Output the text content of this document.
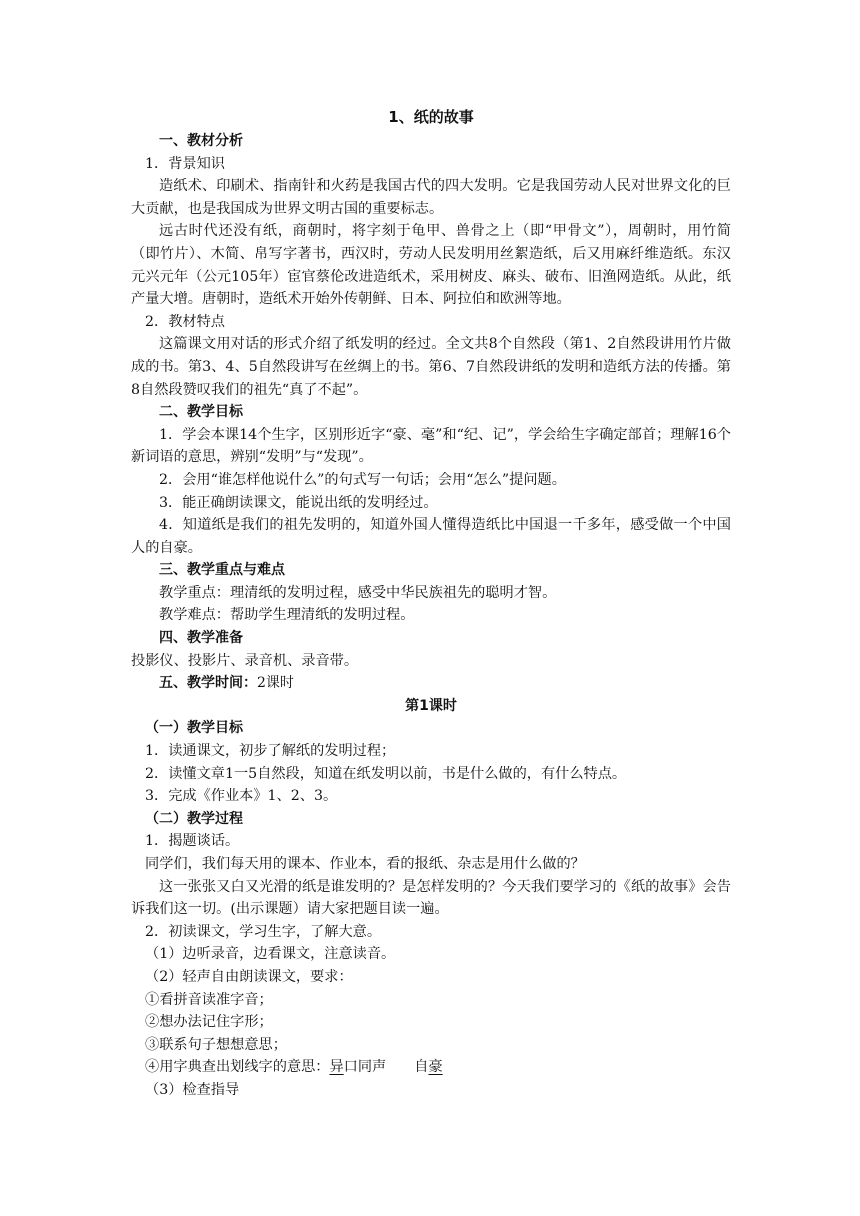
1、纸的故事

一、教材分析

1．背景知识

造纸术、印刷术、指南针和火药是我国古代的四大发明。它是我国劳动人民对世界文化的巨大贡献，也是我国成为世界文明古国的重要标志。

远古时代还没有纸，商朝时，将字刻于龟甲、兽骨之上（即“甲骨文”），周朝时，用竹简（即竹片）、木简、帛写字著书，西汉时，劳动人民发明用丝絮造纸，后又用麻纤维造纸。东汉元兴元年（公元105年）宦官蔡伦改进造纸术，采用树皮、麻头、破布、旧渔网造纸。从此，纸产量大增。唐朝时，造纸术开始外传朝鲜、日本、阿拉伯和欧洲等地。

2．教材特点

这篇课文用对话的形式介绍了纸发明的经过。全文共8个自然段（第1、2自然段讲用竹片做成的书。第3、4、5自然段讲写在丝绸上的书。第6、7自然段讲纸的发明和造纸方法的传播。第8自然段赞叹我们的祖先“真了不起”。

二、教学目标

1．学会本课14个生字，区别形近字“豪、毫”和“纪、记”，学会给生字确定部首；理解16个新词语的意思，辨别“发明”与“发现”。

2．会用“谁怎样他说什么”的句式写一句话；会用“怎么”提问题。

3．能正确朗读课文，能说出纸的发明经过。

4．知道纸是我们的祖先发明的，知道外国人懂得造纸比中国退一千多年，感受做一个中国人的自豪。

三、教学重点与难点

教学重点：理清纸的发明过程，感受中华民族祖先的聪明才智。

教学难点：帮助学生理清纸的发明过程。

四、教学准备

投影仪、投影片、录音机、录音带。

五、教学时间：2课时

第1课时

（一）教学目标

1．读通课文，初步了解纸的发明过程；

2．读懂文章1一5自然段，知道在纸发明以前，书是什么做的，有什么特点。

3．完成《作业本》1、2、3。

（二）教学过程

1．揭题谈话。

同学们，我们每天用的课本、作业本，看的报纸、杂志是用什么做的？

这一张张又白又光滑的纸是谁发明的？是怎样发明的？今天我们要学习的《纸的故事》会告诉我们这一切。(出示课题）请大家把题目读一遍。

2．初读课文，学习生字，了解大意。

（1）边听录音，边看课文，注意读音。

（2）轻声自由朗读课文，要求：

①看拼音读准字音；

②想办法记住字形；

③联系句子想想意思；

④用字典查出划线字的意思：异口同声 自豪

（3）检查指导
